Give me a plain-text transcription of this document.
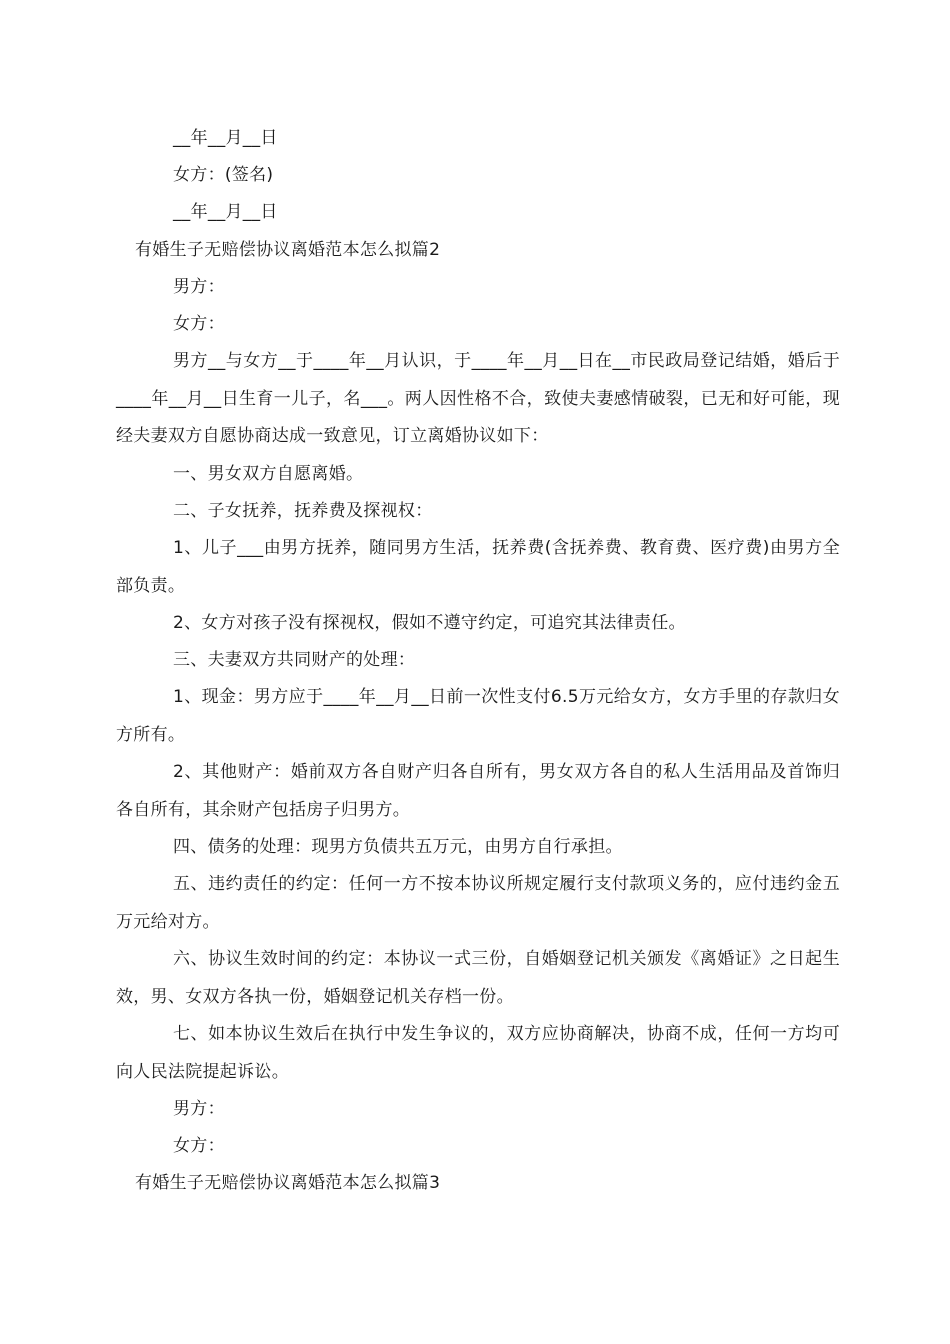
__年__月__日
女方：(签名)
__年__月__日
有婚生子无赔偿协议离婚范本怎么拟篇2
男方：
女方：
男方__与女方__于____年__月认识，于____年__月__日在__市民政局登记结婚，婚后于____年__月__日生育一儿子，名___。两人因性格不合，致使夫妻感情破裂，已无和好可能，现经夫妻双方自愿协商达成一致意见，订立离婚协议如下：
一、男女双方自愿离婚。
二、子女抚养，抚养费及探视权：
1、儿子___由男方抚养，随同男方生活，抚养费(含抚养费、教育费、医疗费)由男方全部负责。
2、女方对孩子没有探视权，假如不遵守约定，可追究其法律责任。
三、夫妻双方共同财产的处理：
1、现金：男方应于____年__月__日前一次性支付6.5万元给女方，女方手里的存款归女方所有。
2、其他财产：婚前双方各自财产归各自所有，男女双方各自的私人生活用品及首饰归各自所有，其余财产包括房子归男方。
四、债务的处理：现男方负债共五万元，由男方自行承担。
五、违约责任的约定：任何一方不按本协议所规定履行支付款项义务的，应付违约金五万元给对方。
六、协议生效时间的约定：本协议一式三份，自婚姻登记机关颁发《离婚证》之日起生效，男、女双方各执一份，婚姻登记机关存档一份。
七、如本协议生效后在执行中发生争议的，双方应协商解决，协商不成，任何一方均可向人民法院提起诉讼。
男方：
女方：
有婚生子无赔偿协议离婚范本怎么拟篇3
